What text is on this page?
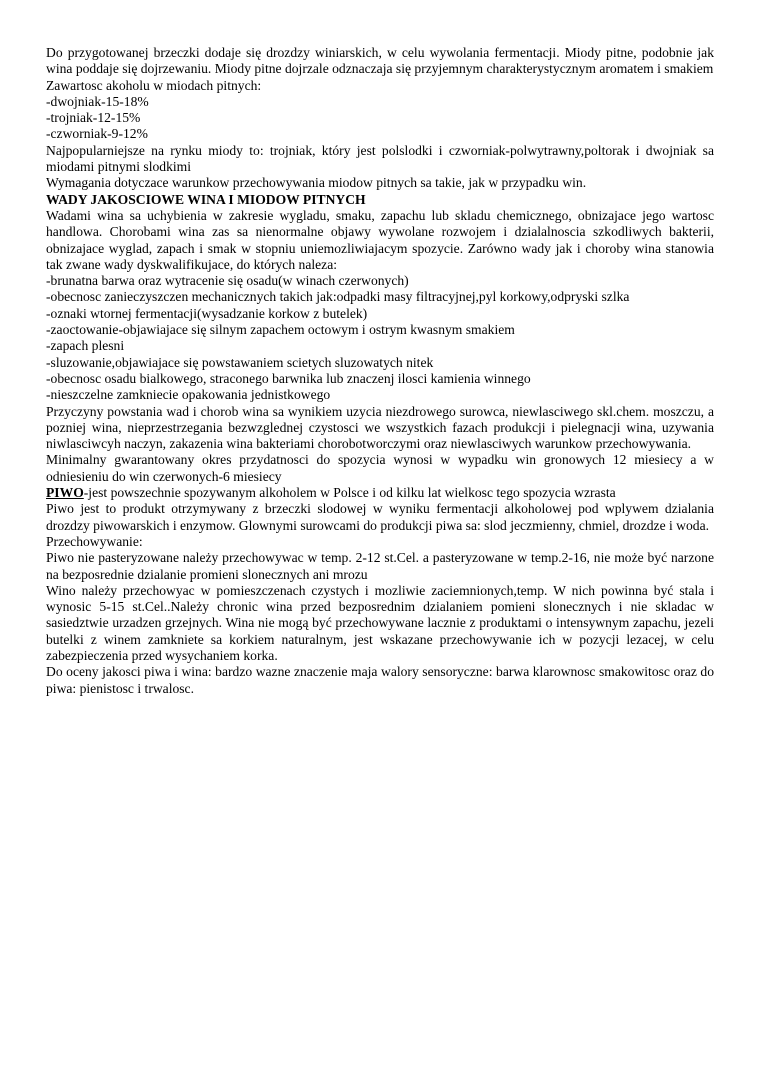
Do przygotowanej brzeczki dodaje się drozdzy winiarskich, w celu wywolania fermentacji. Miody pitne, podobnie jak wina poddaje się dojrzewaniu. Miody pitne dojrzale odznaczaja się przyjemnym charakterystycznym aromatem i smakiem

Zawartosc akoholu w miodach pitnych:

-dwojniak-15-18%

-trojniak-12-15%

-czworniak-9-12%

Najpopularniejsze na rynku miody to: trojniak, który jest polslodki i czworniak-polwytrawny,poltorak i dwojniak sa miodami pitnymi slodkimi

Wymagania dotyczace warunkow przechowywania miodow pitnych sa takie, jak w przypadku win.

WADY JAKOSCIOWE WINA I MIODOW PITNYCH

Wadami wina sa uchybienia w zakresie wygladu, smaku, zapachu lub skladu chemicznego, obnizajace jego wartosc handlowa. Chorobami wina zas sa nienormalne objawy wywolane rozwojem i dzialalnoscia szkodliwych bakterii, obnizajace wyglad, zapach i smak w stopniu uniemozliwiajacym spozycie. Zarówno wady jak i choroby wina stanowia tak zwane wady dyskwalifikujace, do których naleza:

-brunatna barwa oraz wytracenie się osadu(w winach czerwonych)

-obecnosc zanieczyszczen mechanicznych takich jak:odpadki masy filtracyjnej,pyl korkowy,odpryski szlka

-oznaki wtornej fermentacji(wysadzanie korkow z butelek)

-zaoctowanie-objawiajace się silnym zapachem octowym i ostrym kwasnym smakiem

-zapach plesni

-sluzowanie,objawiajace się powstawaniem scietych sluzowatych nitek

-obecnosc osadu bialkowego, straconego barwnika lub znaczenj ilosci kamienia winnego

-nieszczelne zamkniecie opakowania jednistkowego

Przyczyny powstania wad i chorob wina sa wynikiem uzycia niezdrowego surowca, niewlasciwego skl.chem. moszczu, a pozniej wina, nieprzestrzegania bezwzglednej czystosci we wszystkich fazach produkcji i pielegnacji wina, uzywania niwlasciwcyh naczyn, zakazenia wina bakteriami chorobotworczymi oraz niewlasciwych warunkow przechowywania.

Minimalny gwarantowany okres przydatnosci do spozycia wynosi w wypadku win gronowych 12 miesiecy a w odniesieniu do win czerwonych-6 miesiecy

PIWO-jest powszechnie spozywanym alkoholem w Polsce i od kilku lat wielkosc tego spozycia wzrasta

Piwo jest to produkt otrzymywany z brzeczki slodowej w wyniku fermentacji alkoholowej pod wplywem dzialania drozdzy piwowarskich i enzymow. Glownymi surowcami do produkcji piwa sa: slod jeczmienny, chmiel, drozdze i woda.

Przechowywanie:

Piwo nie pasteryzowane należy przechowywac w temp. 2-12 st.Cel. a pasteryzowane w temp.2-16, nie może być narzone na bezposrednie dzialanie promieni slonecznych ani mrozu

Wino należy przechowyac w pomieszczenach czystych i mozliwie zaciemnionych,temp. W nich powinna być stala i wynosic 5-15 st.Cel..Należy chronic wina przed bezposrednim dzialaniem pomieni slonecznych i nie skladac w sasiedztwie urzadzen grzejnych. Wina nie mogą być przechowywane lacznie z produktami o intensywnym zapachu, jezeli butelki z winem zamkniete sa korkiem naturalnym, jest wskazane przechowywanie ich w pozycji lezacej, w celu zabezpieczenia przed wysychaniem korka.

Do oceny jakosci piwa i wina: bardzo wazne znaczenie maja walory sensoryczne: barwa klarownosc smakowitosc oraz do piwa: pienistosc i trwalosc.
